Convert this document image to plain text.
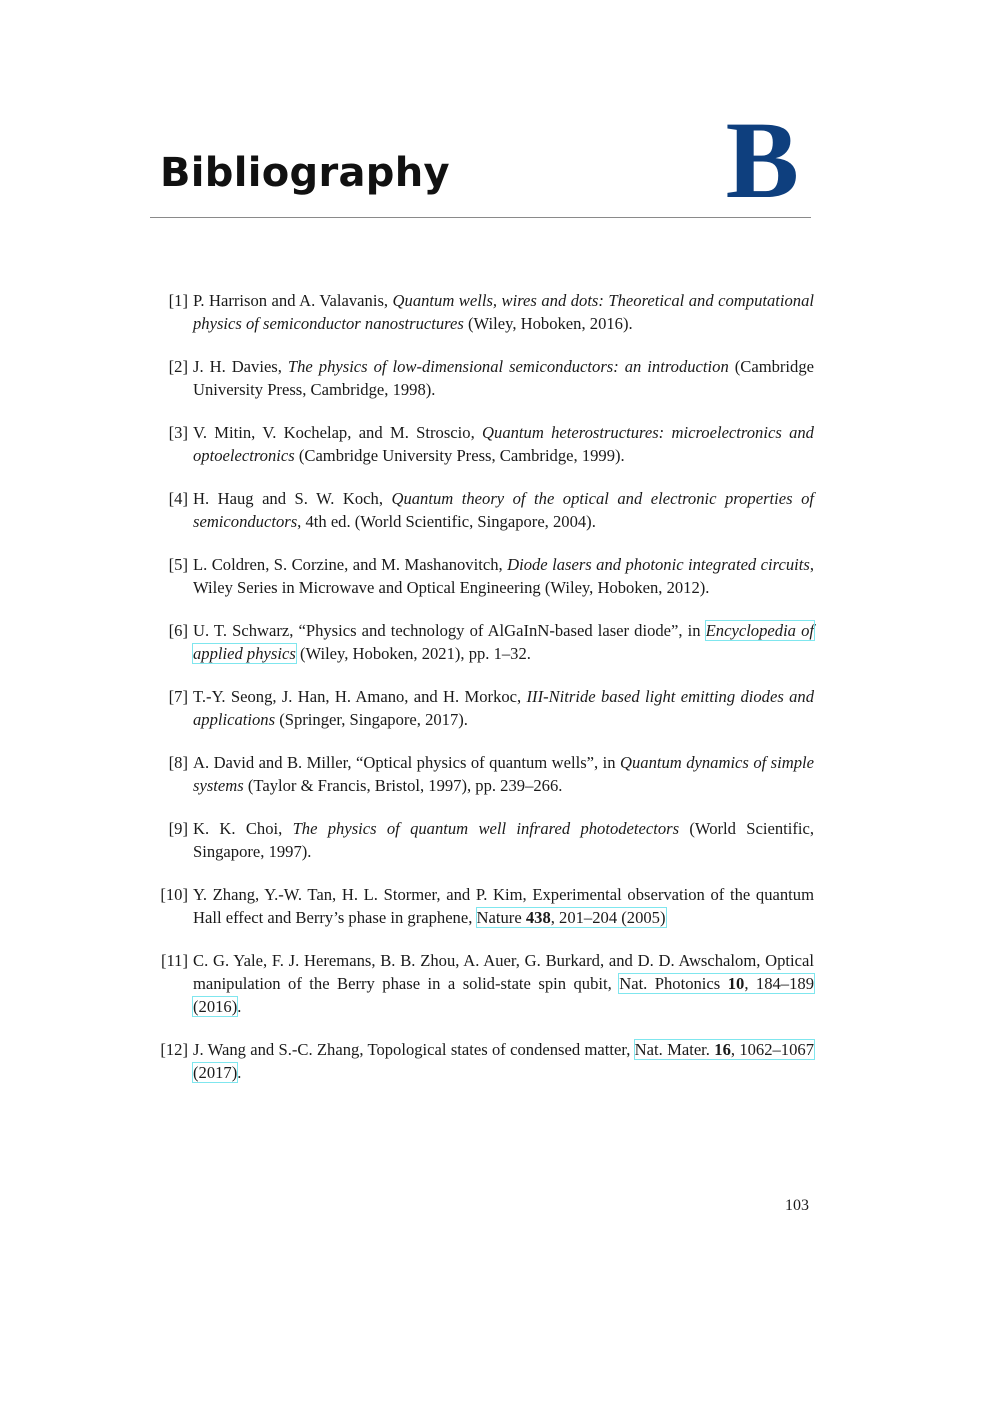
Bibliography	B
[1] P. Harrison and A. Valavanis, Quantum wells, wires and dots: Theoretical and computational physics of semiconductor nanostructures (Wiley, Hoboken, 2016).
[2] J. H. Davies, The physics of low-dimensional semiconductors: an introduction (Cambridge University Press, Cambridge, 1998).
[3] V. Mitin, V. Kochelap, and M. Stroscio, Quantum heterostructures: microelectronics and optoelectronics (Cambridge University Press, Cambridge, 1999).
[4] H. Haug and S. W. Koch, Quantum theory of the optical and electronic properties of semiconductors, 4th ed. (World Scientific, Singapore, 2004).
[5] L. Coldren, S. Corzine, and M. Mashanovitch, Diode lasers and photonic integrated circuits, Wiley Series in Microwave and Optical Engineering (Wiley, Hoboken, 2012).
[6] U. T. Schwarz, “Physics and technology of AlGaInN-based laser diode”, in Encyclopedia of applied physics (Wiley, Hoboken, 2021), pp. 1–32.
[7] T.-Y. Seong, J. Han, H. Amano, and H. Morkoc, III-Nitride based light emitting diodes and applications (Springer, Singapore, 2017).
[8] A. David and B. Miller, “Optical physics of quantum wells”, in Quantum dynamics of simple systems (Taylor & Francis, Bristol, 1997), pp. 239–266.
[9] K. K. Choi, The physics of quantum well infrared photodetectors (World Scientific, Singapore, 1997).
[10] Y. Zhang, Y.-W. Tan, H. L. Stormer, and P. Kim, Experimental observation of the quantum Hall effect and Berry’s phase in graphene, Nature 438, 201–204 (2005)
[11] C. G. Yale, F. J. Heremans, B. B. Zhou, A. Auer, G. Burkard, and D. D. Awschalom, Optical manipulation of the Berry phase in a solid-state spin qubit, Nat. Photonics 10, 184–189 (2016).
[12] J. Wang and S.-C. Zhang, Topological states of condensed matter, Nat. Mater. 16, 1062–1067 (2017).
103
